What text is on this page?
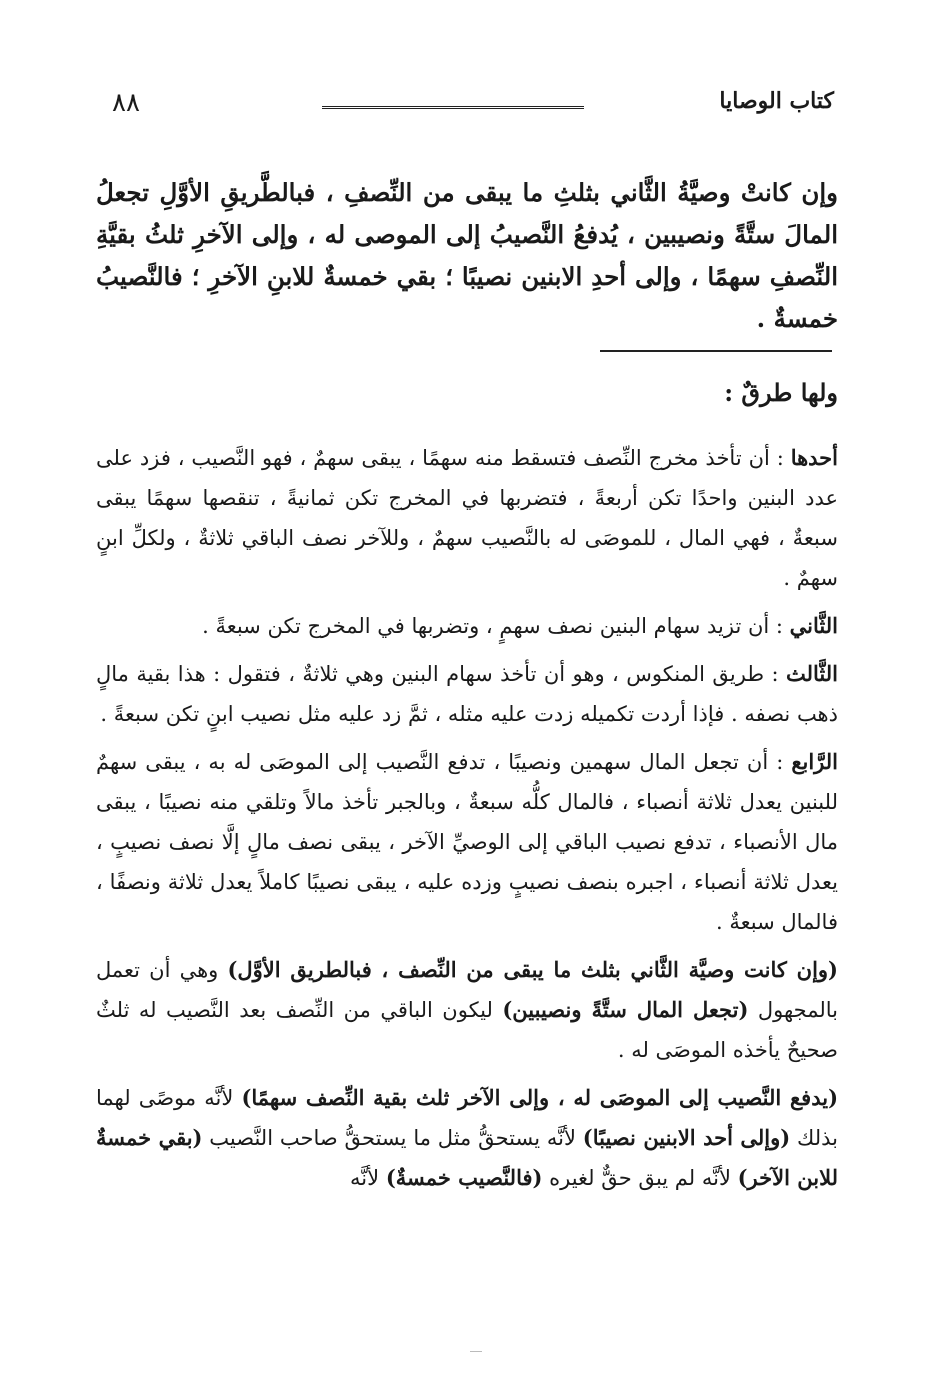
٨٨	كتاب الوصايا
وإن كانتْ وصيَّةُ الثَّاني بثلثِ ما يبقى من النِّصفِ ، فبالطَّريقِ الأوَّلِ تجعلُ المالَ ستَّةً ونصيبين ، يُدفعُ النَّصيبُ إلى الموصى له ، وإلى الآخرِ ثلثُ بقيَّةِ النِّصفِ سهمًا ، وإلى أحدِ الابنين نصيبًا ؛ بقي خمسةٌ للابنِ الآخرِ ؛ فالنَّصيبُ خمسةٌ .
ولها طرقٌ :

أحدها : أن تأخذ مخرج النِّصف فتسقط منه سهمًا ، يبقى سهمٌ ، فهو النَّصيب ، فزد على عدد البنين واحدًا تكن أربعةً ، فتضربها في المخرج تكن ثمانيةً ، تنقصها سهمًا يبقى سبعةٌ ، فهي المال ، للموصَى له بالنَّصيب سهمٌ ، وللآخر نصف الباقي ثلاثةٌ ، ولكلِّ ابنٍ سهمٌ .

الثَّاني : أن تزيد سهام البنين نصف سهمٍ ، وتضربها في المخرج تكن سبعةً .

الثَّالث : طريق المنكوس ، وهو أن تأخذ سهام البنين وهي ثلاثةٌ ، فتقول : هذا بقية مالٍ ذهب نصفه . فإذا أردت تكميله زدت عليه مثله ، ثمَّ زد عليه مثل نصيب ابنٍ تكن سبعةً .

الرَّابع : أن تجعل المال سهمين ونصيبًا ، تدفع النَّصيب إلى الموصَى له به ، يبقى سهمٌ للبنين يعدل ثلاثة أنصباء ، فالمال كلُّه سبعةٌ ، وبالجبر تأخذ مالاً وتلقي منه نصيبًا ، يبقى مال الأنصباء ، تدفع نصيب الباقي إلى الوصيِّ الآخر ، يبقى نصف مالٍ إلَّا نصف نصيبٍ ، يعدل ثلاثة أنصباء ، اجبره بنصف نصيبٍ وزده عليه ، يبقى نصيبًا كاملاً يعدل ثلاثة ونصفًا ، فالمال سبعةٌ .

(وإن كانت وصيَّة الثَّاني بثلث ما يبقى من النِّصف ، فبالطريق الأوَّل) وهي أن تعمل بالمجهول (تجعل المال ستَّةً ونصيبين) ليكون الباقي من النِّصف بعد النَّصيب له ثلثٌ صحيحٌ يأخذه الموصَى له .

(يدفع النَّصيب إلى الموصَى له ، وإلى الآخر ثلث بقية النِّصف سهمًا) لأنَّه موصًى لهما بذلك (وإلى أحد الابنين نصيبًا) لأنَّه يستحقُّ مثل ما يستحقُّ صاحب النَّصيب (بقي خمسةٌ للابن الآخر) لأنَّه لم يبق حقٌّ لغيره (فالنَّصيب خمسةٌ) لأنَّه
